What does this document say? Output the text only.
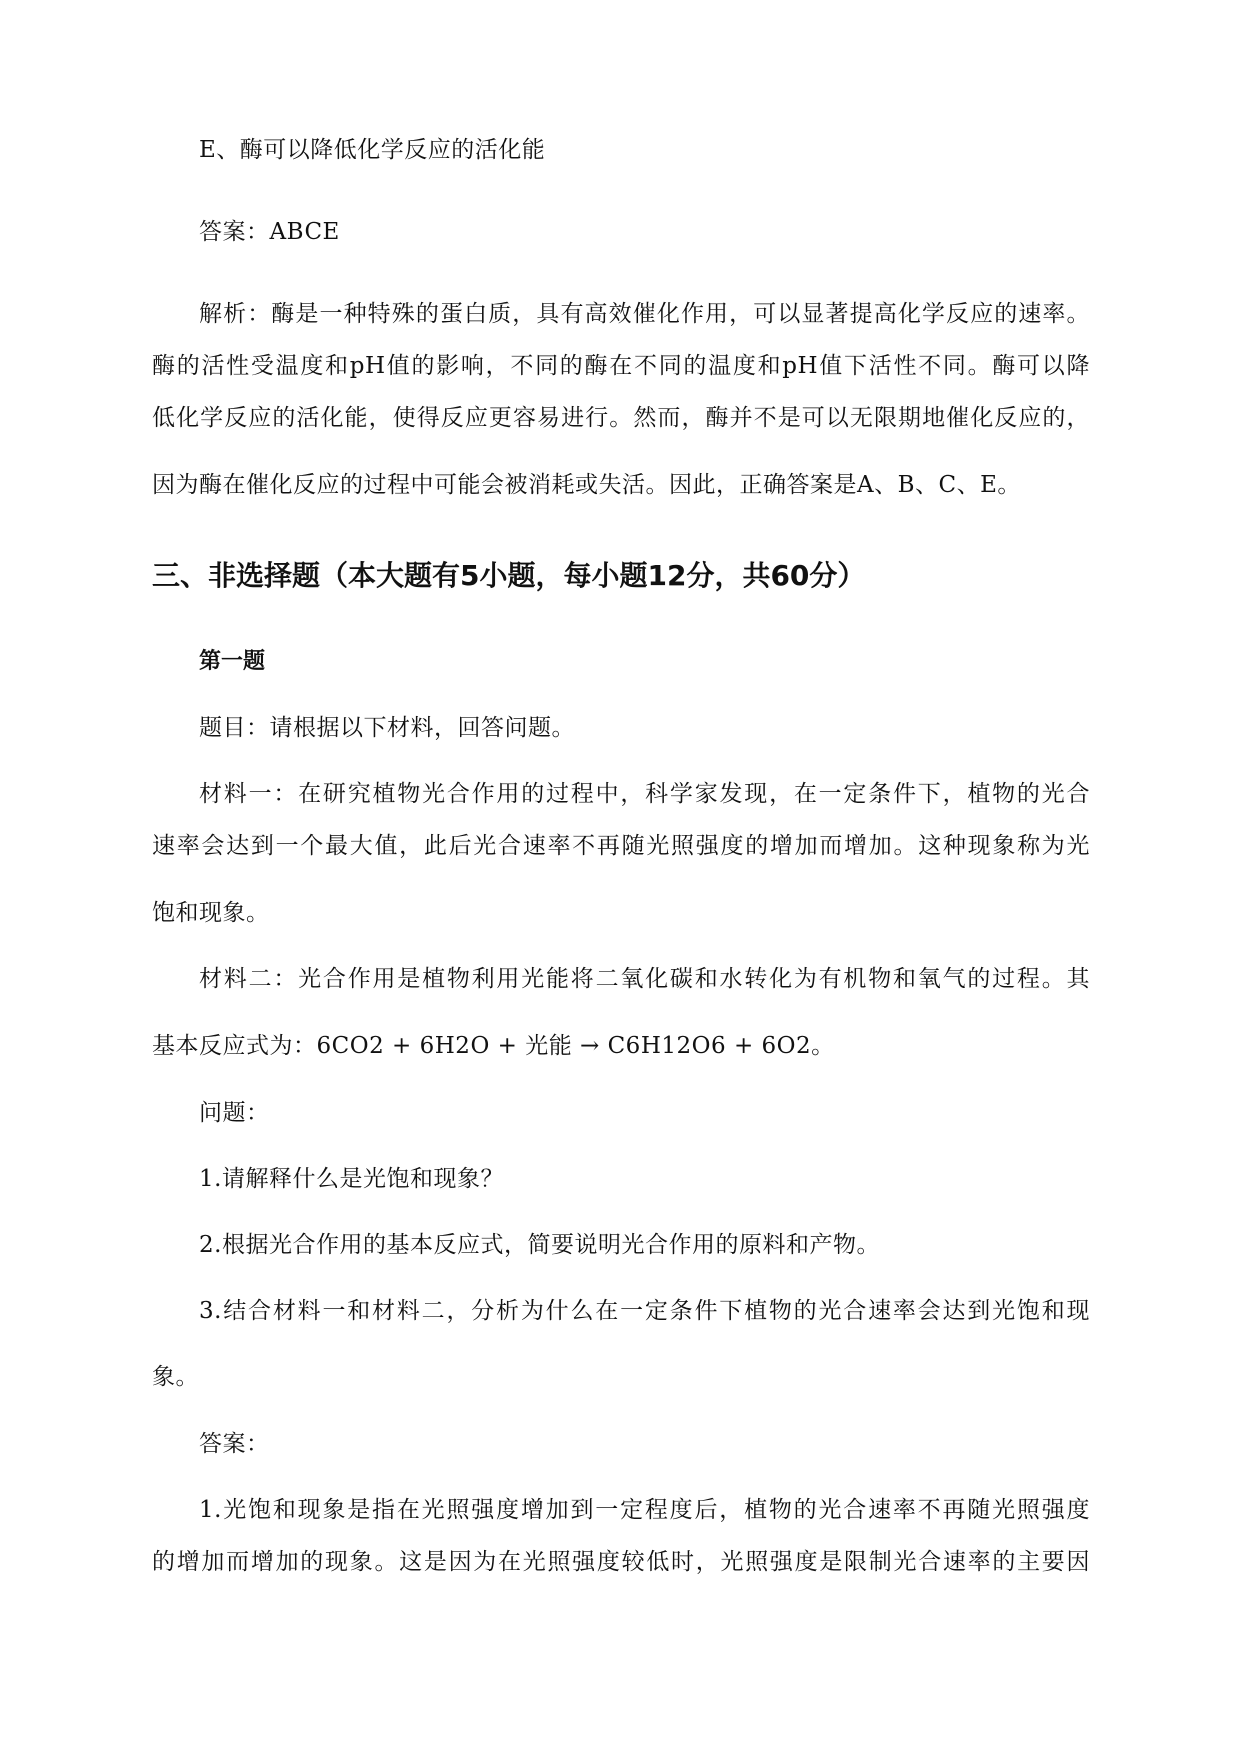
E、酶可以降低化学反应的活化能

答案：ABCE

解析：酶是一种特殊的蛋白质，具有高效催化作用，可以显著提高化学反应的速率。

酶的活性受温度和pH值的影响，不同的酶在不同的温度和pH值下活性不同。酶可以降

低化学反应的活化能，使得反应更容易进行。然而，酶并不是可以无限期地催化反应的，

因为酶在催化反应的过程中可能会被消耗或失活。因此，正确答案是A、B、C、E。

三、非选择题（本大题有5小题，每小题12分，共60分）
第一题

题目：请根据以下材料，回答问题。

材料一：在研究植物光合作用的过程中，科学家发现，在一定条件下，植物的光合

速率会达到一个最大值，此后光合速率不再随光照强度的增加而增加。这种现象称为光

饱和现象。

材料二：光合作用是植物利用光能将二氧化碳和水转化为有机物和氧气的过程。其

基本反应式为：6CO2 + 6H2O + 光能 → C6H12O6 + 6O2。

问题：

1.请解释什么是光饱和现象？

2.根据光合作用的基本反应式，简要说明光合作用的原料和产物。

3.结合材料一和材料二，分析为什么在一定条件下植物的光合速率会达到光饱和现

象。

答案：

1.光饱和现象是指在光照强度增加到一定程度后，植物的光合速率不再随光照强度

的增加而增加的现象。这是因为在光照强度较低时，光照强度是限制光合速率的主要因
